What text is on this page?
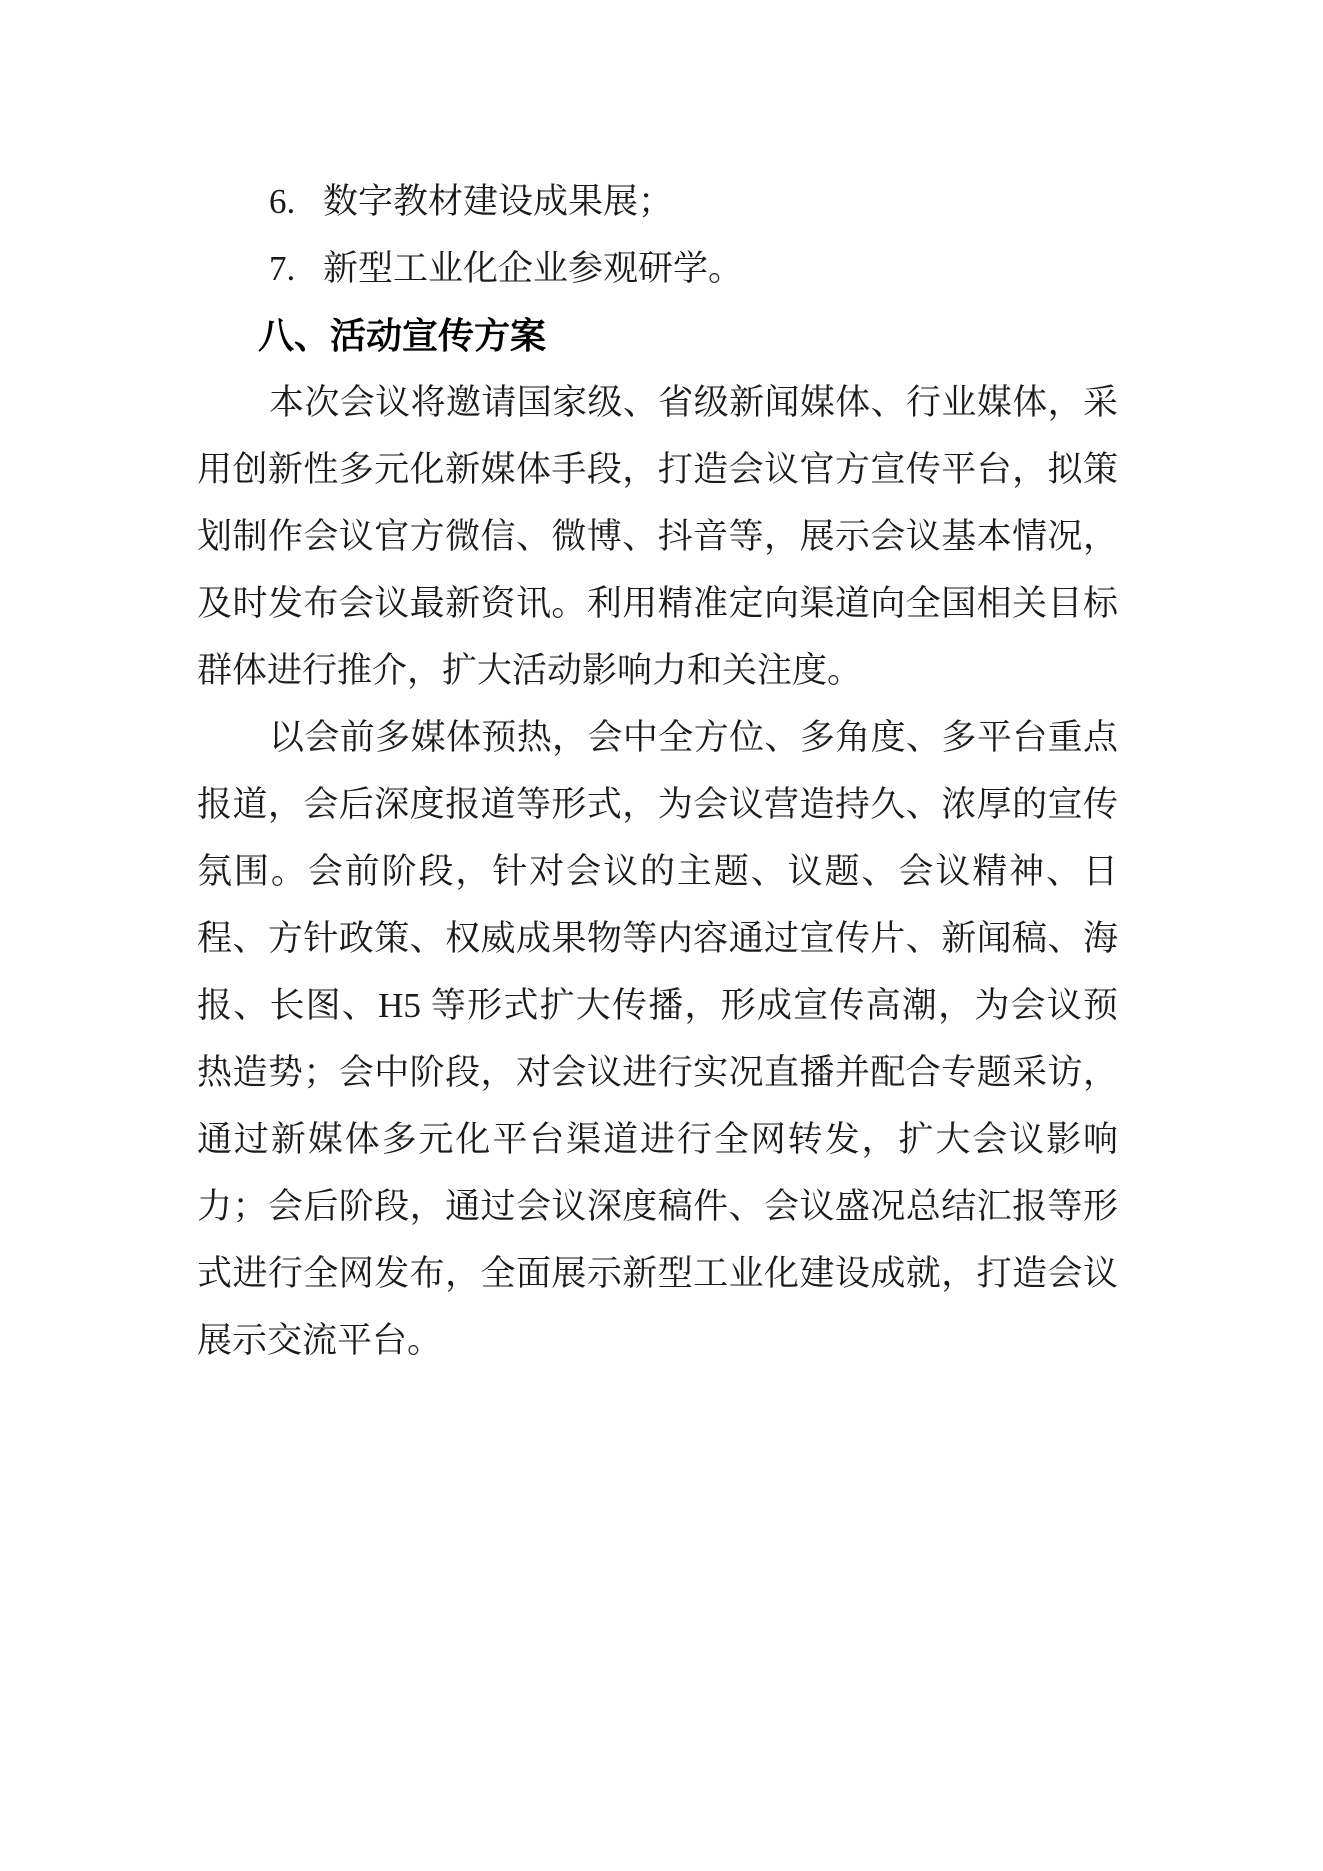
6. 数字教材建设成果展；

7. 新型工业化企业参观研学。

八、活动宣传方案

本次会议将邀请国家级、省级新闻媒体、行业媒体，采用创新性多元化新媒体手段，打造会议官方宣传平台，拟策划制作会议官方微信、微博、抖音等，展示会议基本情况，及时发布会议最新资讯。利用精准定向渠道向全国相关目标群体进行推介，扩大活动影响力和关注度。

以会前多媒体预热，会中全方位、多角度、多平台重点报道，会后深度报道等形式，为会议营造持久、浓厚的宣传氛围。会前阶段，针对会议的主题、议题、会议精神、日程、方针政策、权威成果物等内容通过宣传片、新闻稿、海报、长图、H5 等形式扩大传播，形成宣传高潮，为会议预热造势；会中阶段，对会议进行实况直播并配合专题采访，通过新媒体多元化平台渠道进行全网转发，扩大会议影响力；会后阶段，通过会议深度稿件、会议盛况总结汇报等形式进行全网发布，全面展示新型工业化建设成就，打造会议展示交流平台。
